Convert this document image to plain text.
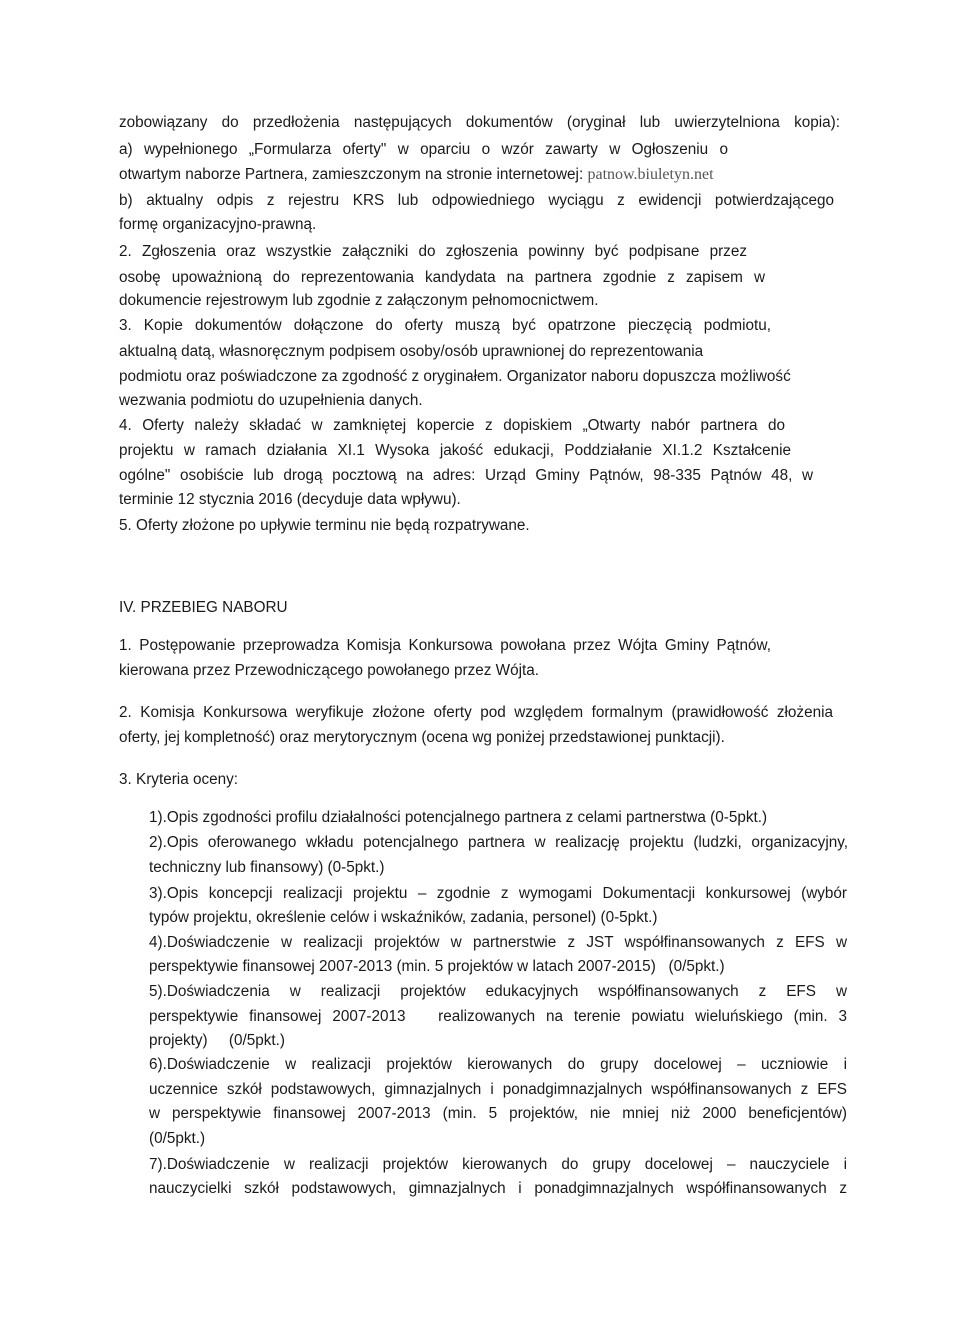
zobowiązany do przedłożenia następujących dokumentów (oryginał lub uwierzytelniona kopia):

a) wypełnionego „Formularza oferty" w oparciu o wzór zawarty w Ogłoszeniu o

otwartym naborze Partnera, zamieszczonym na stronie internetowej: patnow.biuletyn.net

b) aktualny odpis z rejestru KRS lub odpowiedniego wyciągu z ewidencji potwierdzającego

formę organizacyjno-prawną.

2. Zgłoszenia oraz wszystkie załączniki do zgłoszenia powinny być podpisane przez

osobę upoważnioną do reprezentowania kandydata na partnera zgodnie z zapisem w

dokumencie rejestrowym lub zgodnie z załączonym pełnomocnictwem.

3. Kopie dokumentów dołączone do oferty muszą być opatrzone pieczęcią podmiotu,

aktualną datą, własnoręcznym podpisem osoby/osób uprawnionej do reprezentowania

podmiotu oraz poświadczone za zgodność z oryginałem. Organizator naboru dopuszcza możliwość

wezwania podmiotu do uzupełnienia danych.

4. Oferty należy składać w zamkniętej kopercie z dopiskiem „Otwarty nabór partnera do

projektu w ramach działania XI.1 Wysoka jakość edukacji, Poddziałanie XI.1.2 Kształcenie

ogólne" osobiście lub drogą pocztową na adres: Urząd Gminy Pątnów, 98-335 Pątnów 48, w

terminie 12 stycznia 2016 (decyduje data wpływu).

5. Oferty złożone po upływie terminu nie będą rozpatrywane.

IV. PRZEBIEG NABORU

1. Postępowanie przeprowadza Komisja Konkursowa powołana przez Wójta Gminy Pątnów,

kierowana przez Przewodniczącego powołanego przez Wójta.

2. Komisja Konkursowa weryfikuje złożone oferty pod względem formalnym (prawidłowość złożenia

oferty, jej kompletność) oraz merytorycznym (ocena wg poniżej przedstawionej punktacji).

3. Kryteria oceny:

1).Opis zgodności profilu działalności potencjalnego partnera z celami partnerstwa (0-5pkt.)

2).Opis oferowanego wkładu potencjalnego partnera w realizację projektu (ludzki, organizacyjny,

techniczny lub finansowy) (0-5pkt.)

3).Opis koncepcji realizacji projektu – zgodnie z wymogami Dokumentacji konkursowej (wybór

typów projektu, określenie celów i wskaźników, zadania, personel) (0-5pkt.)

4).Doświadczenie w realizacji projektów w partnerstwie z JST współfinansowanych z EFS w

perspektywie finansowej 2007-2013 (min. 5 projektów w latach 2007-2015)   (0/5pkt.)

5).Doświadczenia w realizacji projektów edukacyjnych współfinansowanych z EFS w

perspektywie finansowej 2007-2013   realizowanych na terenie powiatu wieluńskiego (min. 3

projekty)     (0/5pkt.)

6).Doświadczenie w realizacji projektów kierowanych do grupy docelowej – uczniowie i

uczennice szkół podstawowych, gimnazjalnych i ponadgimnazjalnych współfinansowanych z EFS

w perspektywie finansowej 2007-2013 (min. 5 projektów, nie mniej niż 2000 beneficjentów)

(0/5pkt.)

7).Doświadczenie w realizacji projektów kierowanych do grupy docelowej – nauczyciele i

nauczycielki szkół podstawowych, gimnazjalnych i ponadgimnazjalnych współfinansowanych z
